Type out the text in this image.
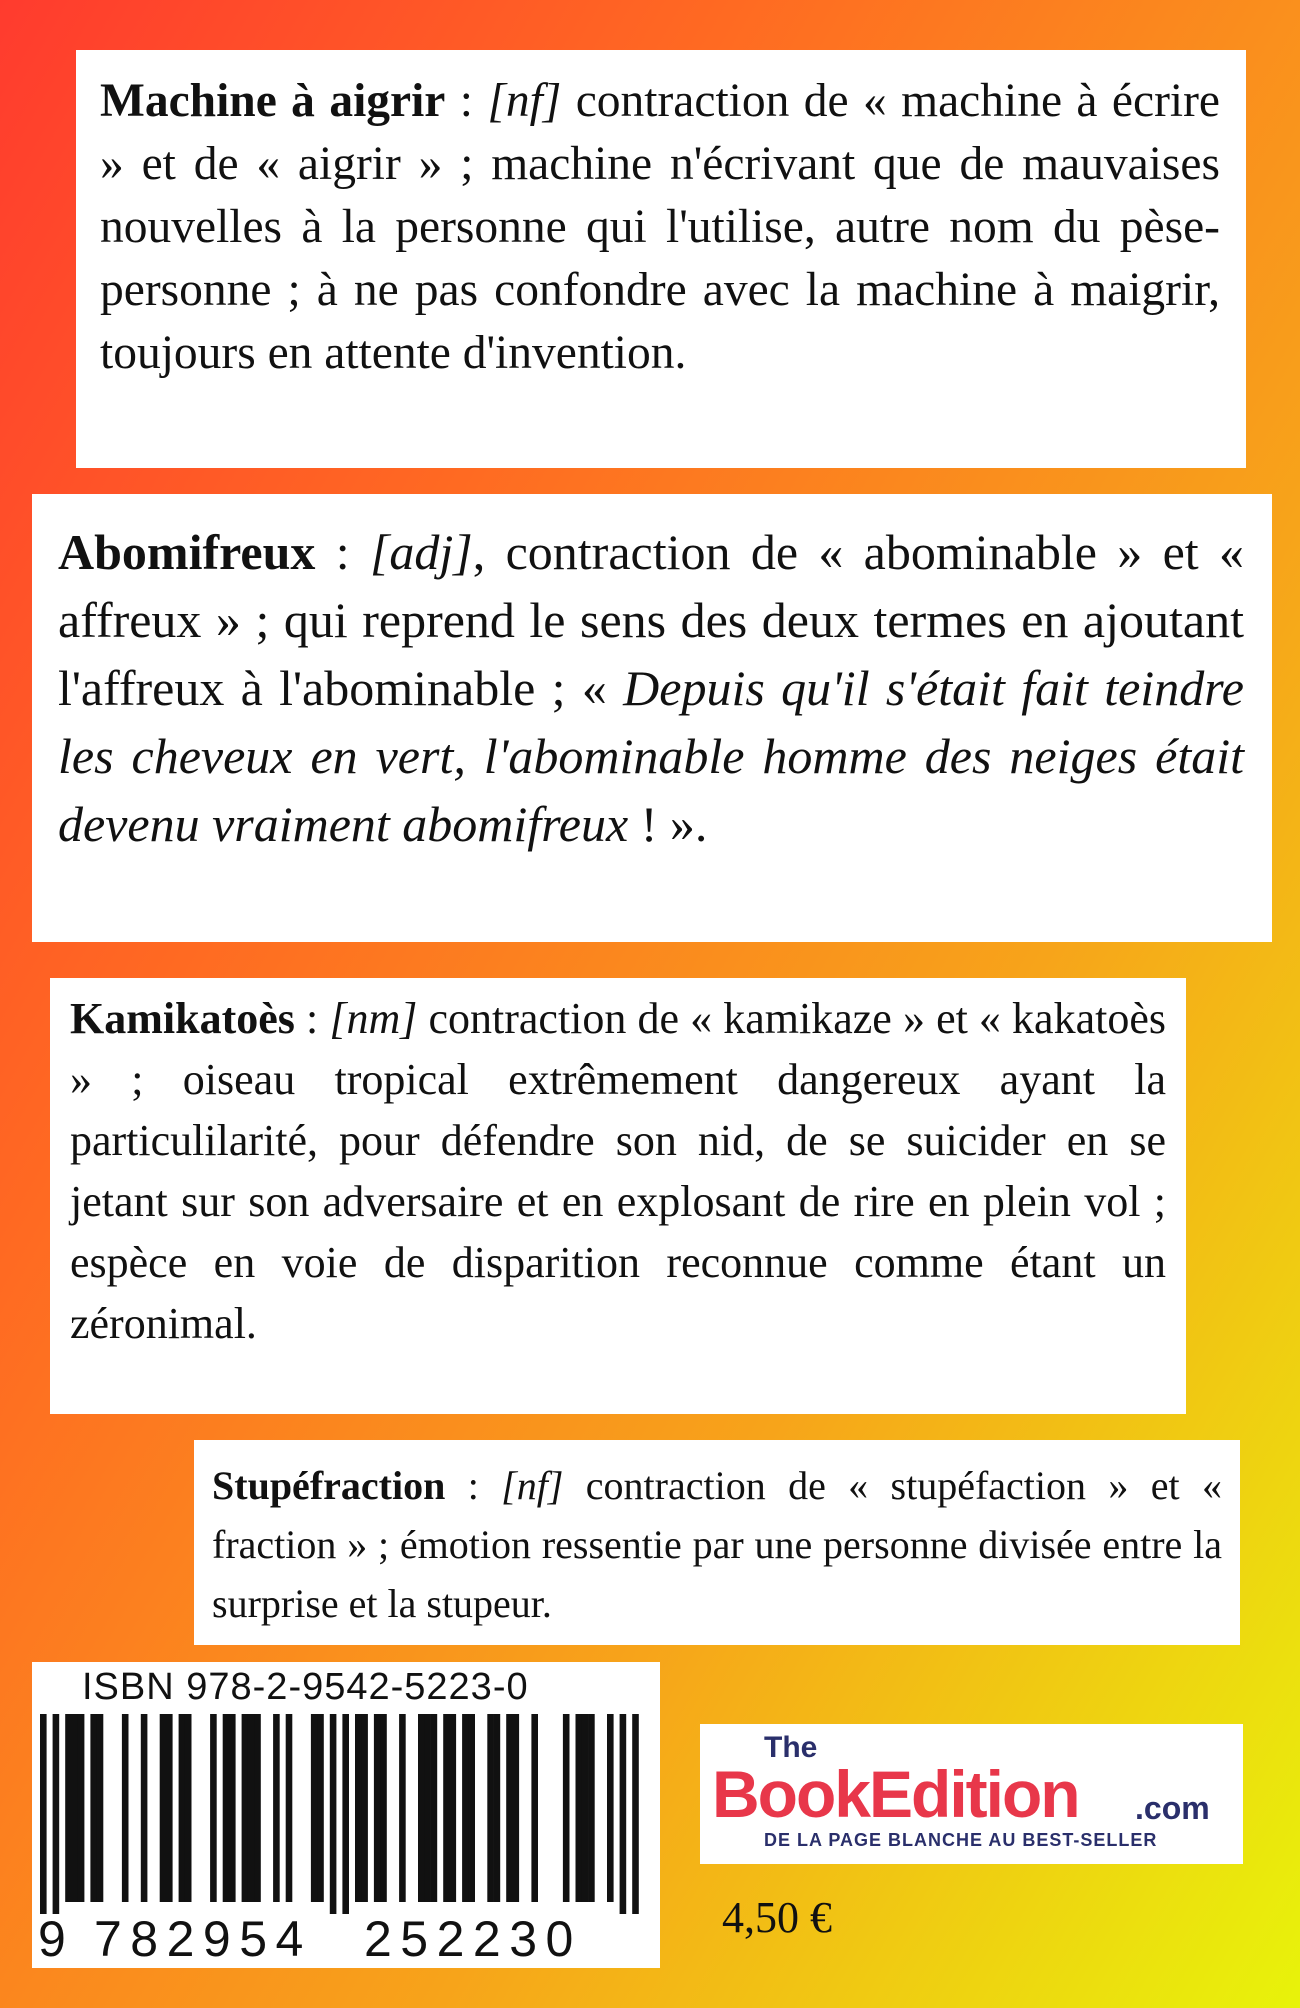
Machine à aigrir : [nf] contraction de « machine à écrire » et de « aigrir » ; machine n'écrivant que de mauvaises nouvelles à la personne qui l'utilise, autre nom du pèse-personne ; à ne pas confondre avec la machine à maigrir, toujours en attente d'invention.

Abomifreux : [adj], contraction de « abominable » et « affreux » ; qui reprend le sens des deux termes en ajoutant l'affreux à l'abominable ; « Depuis qu'il s'était fait teindre les cheveux en vert, l'abominable homme des neiges était devenu vraiment abomifreux ! ».

Kamikatoès : [nm] contraction de « kamikaze » et « kakatoès » ; oiseau tropical extrêmement dangereux ayant la particulilarité, pour défendre son nid, de se suicider en se jetant sur son adversaire et en explosant de rire en plein vol ; espèce en voie de disparition reconnue comme étant un zéronimal.

Stupéfraction : [nf] contraction de « stupéfaction » et « fraction » ; émotion ressentie par une personne divisée entre la surprise et la stupeur.

ISBN 978-2-9542-5223-0
9 782954 252230
The
BookEdition .com
DE LA PAGE BLANCHE AU BEST-SELLER
4,50 €
